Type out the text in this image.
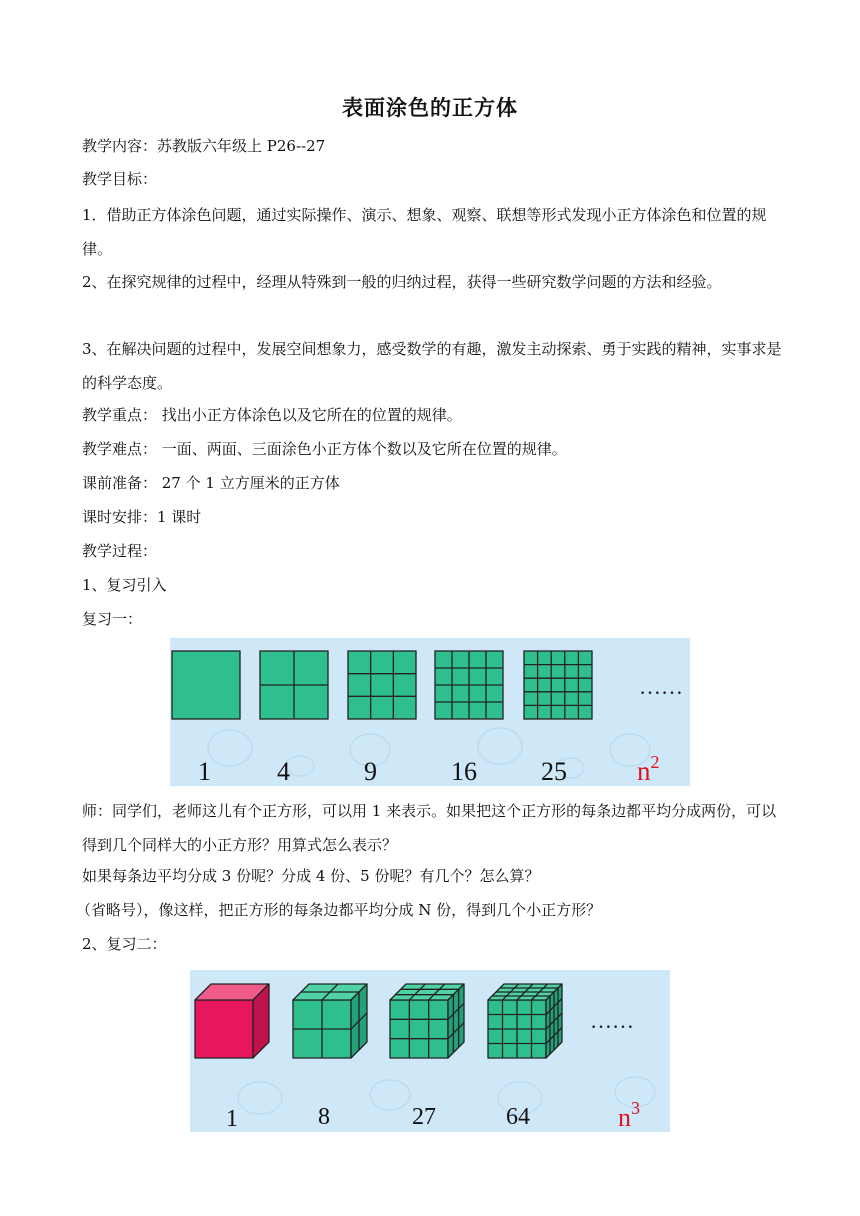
表面涂色的正方体
教学内容：苏教版六年级上 P26--27
教学目标：
1．借助正方体涂色问题，通过实际操作、演示、想象、观察、联想等形式发现小正方体涂色和位置的规律。
2、在探究规律的过程中，经理从特殊到一般的归纳过程，获得一些研究数学问题的方法和经验。
3、在解决问题的过程中，发展空间想象力，感受数学的有趣，激发主动探索、勇于实践的精神，实事求是的科学态度。
教学重点： 找出小正方体涂色以及它所在的位置的规律。
教学难点： 一面、两面、三面涂色小正方体个数以及它所在位置的规律。
课前准备： 27 个 1 立方厘米的正方体
课时安排：1 课时
教学过程：
1、复习引入
复习一：
……
1	4	9	16 25	$n^2$
师：同学们，老师这儿有个正方形，可以用 1 来表示。如果把这个正方形的每条边都平均分成两份，可以得到几个同样大的小正方形？用算式怎么表示？
如果每条边平均分成 3 份呢？分成 4 份、5 份呢？有几个？怎么算？
（省略号），像这样，把正方形的每条边都平均分成 N 份，得到几个小正方形？
2、复习二：
……
1	8	27	64	$n^3$
